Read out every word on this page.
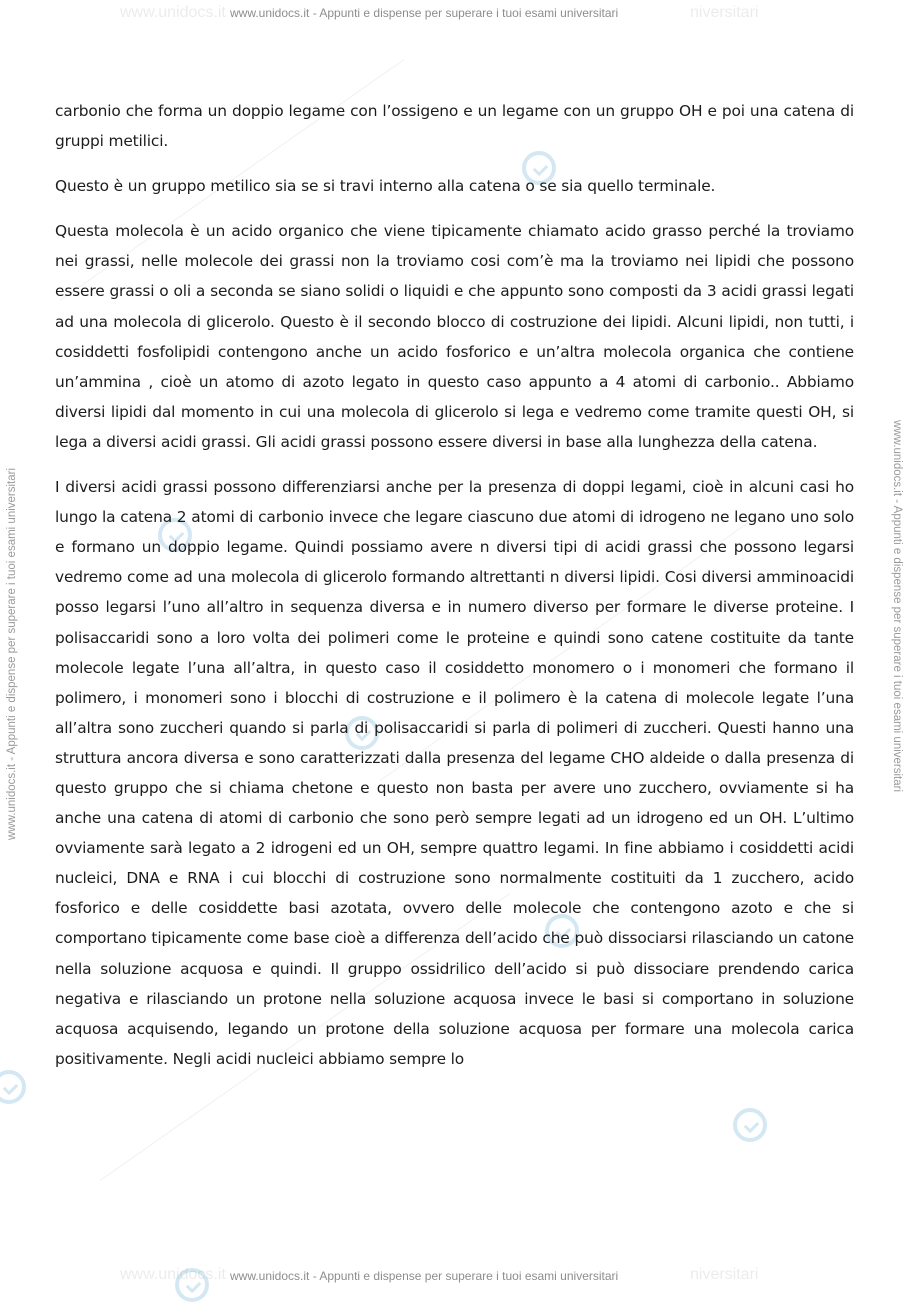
www.unidocs.it	niversitari
www.unidocs.it - Appunti e dispense per superare i tuoi esami universitari
www.unidocs.it	niversitari
www.unidocs.it - Appunti e dispense per superare i tuoi esami universitari
www.unidocs.it - Appunti e dispense per superare i tuoi esami universitari	www.unidocs.it - Appunti e dispense per superare i tuoi esami universitari

carbonio che forma un doppio legame con l’ossigeno e un legame con un gruppo OH e poi una catena di gruppi metilici.

Questo è un gruppo metilico sia se si travi interno alla catena o se sia quello terminale.

Questa molecola è un acido organico che viene tipicamente chiamato acido grasso perché la troviamo nei grassi, nelle molecole dei grassi non la troviamo cosi com’è ma la troviamo nei lipidi che possono essere grassi o oli a seconda se siano solidi o liquidi e che appunto sono composti da 3 acidi grassi legati ad una molecola di glicerolo. Questo è il secondo blocco di costruzione dei lipidi. Alcuni lipidi, non tutti, i cosiddetti fosfolipidi contengono anche un acido fosforico e un’altra molecola organica che contiene un’ammina , cioè un atomo di azoto legato in questo caso appunto a 4 atomi di carbonio.. Abbiamo diversi lipidi dal momento in cui una molecola di glicerolo si lega e vedremo come tramite questi OH, si lega a diversi acidi grassi. Gli acidi grassi possono essere diversi in base alla lunghezza della catena.

I diversi acidi grassi possono differenziarsi anche per la presenza di doppi legami, cioè in alcuni casi ho lungo la catena 2 atomi di carbonio invece che legare ciascuno due atomi di idrogeno ne legano uno solo e formano un doppio legame. Quindi possiamo avere n diversi tipi di acidi grassi che possono legarsi vedremo come ad una molecola di glicerolo formando altrettanti n diversi lipidi. Cosi diversi amminoacidi posso legarsi l’uno all’altro in sequenza diversa e in numero diverso per formare le diverse proteine. I polisaccaridi sono a loro volta dei polimeri come le proteine e quindi sono catene costituite da tante molecole legate l’una all’altra, in questo caso il cosiddetto monomero o i monomeri che formano il polimero, i monomeri sono i blocchi di costruzione e il polimero è la catena di molecole legate l’una all’altra sono zuccheri quando si parla di polisaccaridi si parla di polimeri di zuccheri. Questi hanno una struttura ancora diversa e sono caratterizzati dalla presenza del legame CHO aldeide o dalla presenza di questo gruppo che si chiama chetone e questo non basta per avere uno zucchero, ovviamente si ha anche una catena di atomi di carbonio che sono però sempre legati ad un idrogeno ed un OH. L’ultimo ovviamente sarà legato a 2 idrogeni ed un OH, sempre quattro legami. In fine abbiamo i cosiddetti acidi nucleici, DNA e RNA i cui blocchi di costruzione sono normalmente costituiti da 1 zucchero, acido fosforico e delle cosiddette basi azotata, ovvero delle molecole che contengono azoto e che si comportano tipicamente come base cioè a differenza dell’acido che può dissociarsi rilasciando un catone nella soluzione acquosa e quindi. Il gruppo ossidrilico dell’acido si può dissociare prendendo carica negativa e rilasciando un protone nella soluzione acquosa invece le basi si comportano in soluzione acquosa acquisendo, legando un protone della soluzione acquosa per formare una molecola carica positivamente. Negli acidi nucleici abbiamo sempre lo
